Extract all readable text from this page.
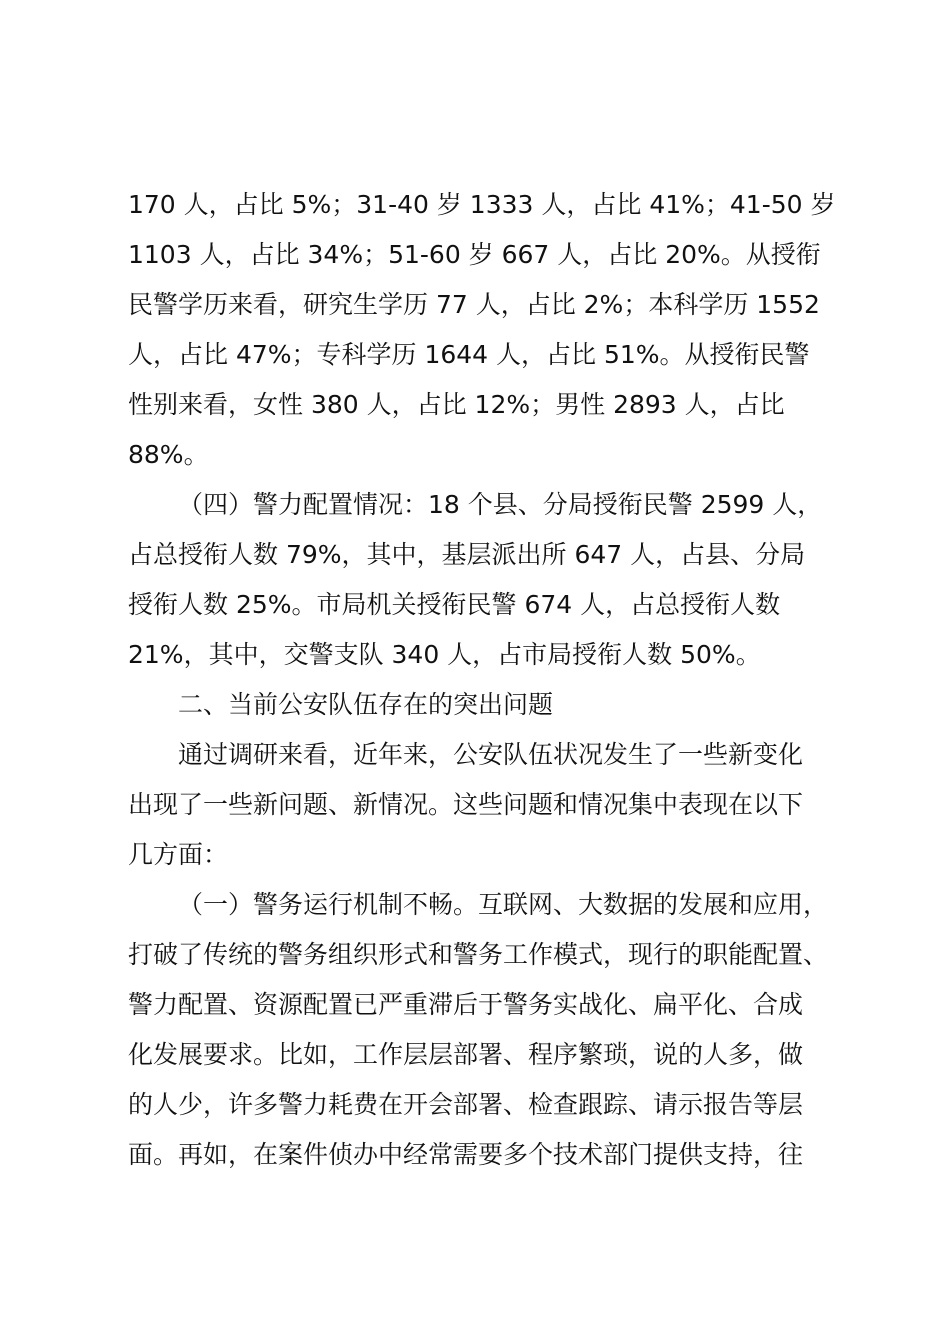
170 人，占比 5%；31-40 岁 1333 人，占比 41%；41-50 岁
1103 人，占比 34%；51-60 岁 667 人，占比 20%。从授衔
民警学历来看，研究生学历 77 人，占比 2%；本科学历 1552
人，占比 47%；专科学历 1644 人，占比 51%。从授衔民警
性别来看，女性 380 人，占比 12%；男性 2893 人，占比
88%。
（四）警力配置情况：18 个县、分局授衔民警 2599 人，
占总授衔人数 79%，其中，基层派出所 647 人，占县、分局
授衔人数 25%。市局机关授衔民警 674 人，占总授衔人数
21%，其中，交警支队 340 人，占市局授衔人数 50%。
二、当前公安队伍存在的突出问题
通过调研来看，近年来，公安队伍状况发生了一些新变化
出现了一些新问题、新情况。这些问题和情况集中表现在以下
几方面：
（一）警务运行机制不畅。互联网、大数据的发展和应用，
打破了传统的警务组织形式和警务工作模式，现行的职能配置、
警力配置、资源配置已严重滞后于警务实战化、扁平化、合成
化发展要求。比如，工作层层部署、程序繁琐，说的人多，做
的人少，许多警力耗费在开会部署、检查跟踪、请示报告等层
面。再如，在案件侦办中经常需要多个技术部门提供支持，往
